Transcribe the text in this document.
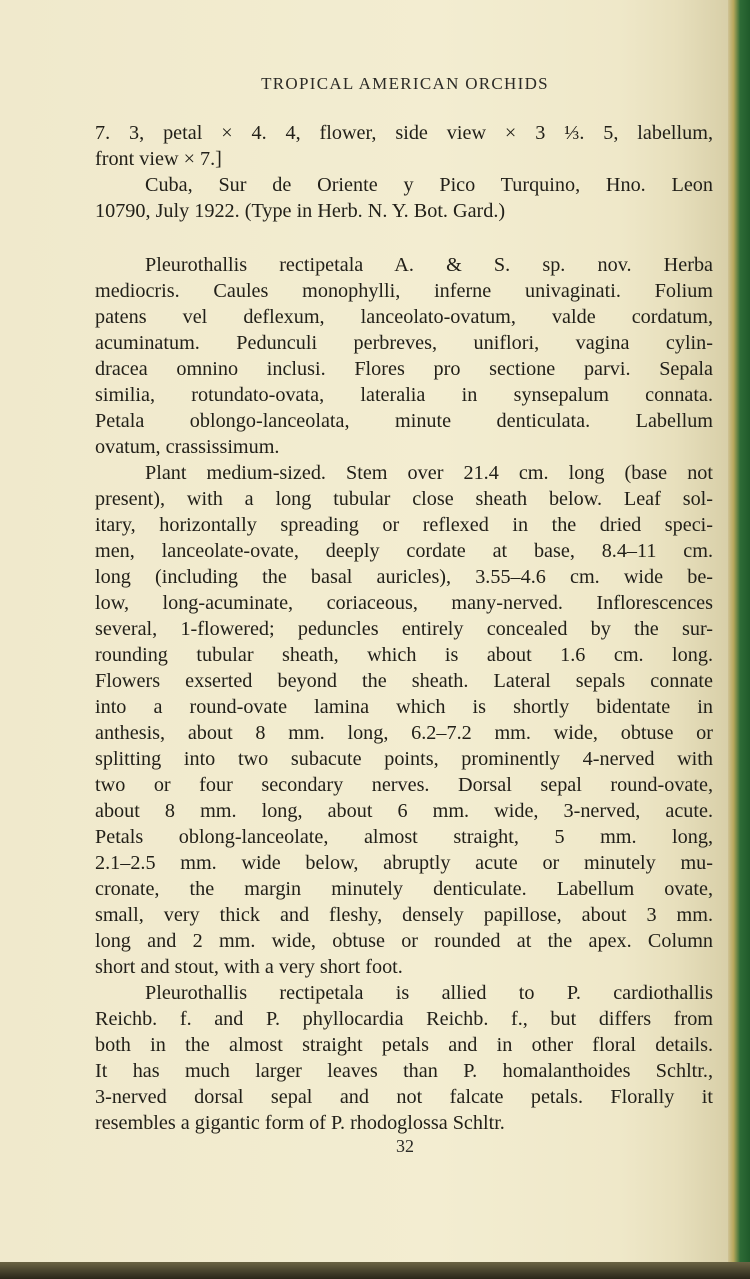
TROPICAL AMERICAN ORCHIDS

7. 3, petal × 4. 4, flower, side view × 3 ⅓. 5, labellum,
front view × 7.]

Cuba, Sur de Oriente y Pico Turquino, Hno. Leon
10790, July 1922. (Type in Herb. N. Y. Bot. Gard.)

Pleurothallis rectipetala A. & S. sp. nov. Herba
mediocris. Caules monophylli, inferne univaginati. Folium
patens vel deflexum, lanceolato-ovatum, valde cordatum,
acuminatum. Pedunculi perbreves, uniflori, vagina cylin-
dracea omnino inclusi. Flores pro sectione parvi. Sepala
similia, rotundato-ovata, lateralia in synsepalum connata.
Petala oblongo-lanceolata, minute denticulata. Labellum
ovatum, crassissimum.

Plant medium-sized. Stem over 21.4 cm. long (base not
present), with a long tubular close sheath below. Leaf sol-
itary, horizontally spreading or reflexed in the dried speci-
men, lanceolate-ovate, deeply cordate at base, 8.4–11 cm.
long (including the basal auricles), 3.55–4.6 cm. wide be-
low, long-acuminate, coriaceous, many-nerved. Inflorescences
several, 1-flowered; peduncles entirely concealed by the sur-
rounding tubular sheath, which is about 1.6 cm. long.
Flowers exserted beyond the sheath. Lateral sepals connate
into a round-ovate lamina which is shortly bidentate in
anthesis, about 8 mm. long, 6.2–7.2 mm. wide, obtuse or
splitting into two subacute points, prominently 4-nerved with
two or four secondary nerves. Dorsal sepal round-ovate,
about 8 mm. long, about 6 mm. wide, 3-nerved, acute.
Petals oblong-lanceolate, almost straight, 5 mm. long,
2.1–2.5 mm. wide below, abruptly acute or minutely mu-
cronate, the margin minutely denticulate. Labellum ovate,
small, very thick and fleshy, densely papillose, about 3 mm.
long and 2 mm. wide, obtuse or rounded at the apex. Column
short and stout, with a very short foot.

Pleurothallis rectipetala is allied to P. cardiothallis
Reichb. f. and P. phyllocardia Reichb. f., but differs from
both in the almost straight petals and in other floral details.
It has much larger leaves than P. homalanthoides Schltr.,
3-nerved dorsal sepal and not falcate petals. Florally it
resembles a gigantic form of P. rhodoglossa Schltr.

32
